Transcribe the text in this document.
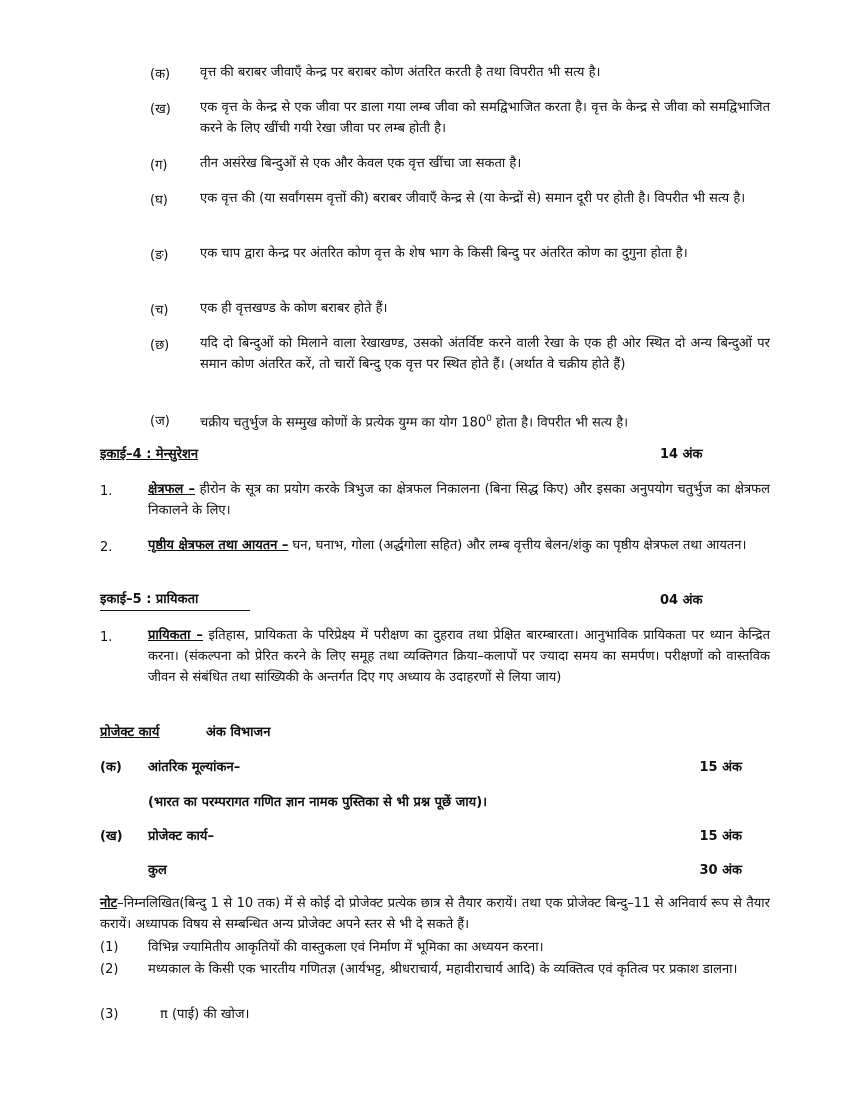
(क) वृत्त की बराबर जीवाएँ केन्द्र पर बराबर कोण अंतरित करती है तथा विपरीत भी सत्य है।
(ख) एक वृत्त के केन्द्र से एक जीवा पर डाला गया लम्ब जीवा को समद्विभाजित करता है। वृत्त के केन्द्र से जीवा को समद्विभाजित करने के लिए खींची गयी रेखा जीवा पर लम्ब होती है।
(ग)	तीन असंरेख बिन्दुओं से एक और केवल एक वृत्त खींचा जा सकता है।
(घ) एक वृत्त की (या सर्वांगसम वृत्तों की) बराबर जीवाएँ केन्द्र से (या केन्द्रों से) समान दूरी पर होती है। विपरीत भी सत्य है।
(ङ) एक चाप द्वारा केन्द्र पर अंतरित कोण वृत्त के शेष भाग के किसी बिन्दु पर अंतरित कोण का दुगुना होता है।
(च) एक ही वृत्तखण्ड के कोण बराबर होते हैं।
(छ) यदि दो बिन्दुओं को मिलाने वाला रेखाखण्ड, उसको अंतर्विष्ट करने वाली रेखा के एक ही ओर स्थित दो अन्य बिन्दुओं पर समान कोण अंतरित करें, तो चारों बिन्दु एक वृत्त पर स्थित होते हैं। (अर्थात वे चक्रीय होते हैं)
(ज) चक्रीय चतुर्भुज के सम्मुख कोणों के प्रत्येक युग्म का योग $180^0$ होता है। विपरीत भी सत्य है।
इकाई–4 : मेन्सुरेशन	14 अंक
1.	क्षेत्रफल – हीरोन के सूत्र का प्रयोग करके त्रिभुज का क्षेत्रफल निकालना (बिना सिद्ध किए) और इसका अनुपयोग चतुर्भुज का क्षेत्रफल निकालने के लिए।
2.	पृष्ठीय क्षेत्रफल तथा आयतन – घन, घनाभ, गोला (अर्द्धगोला सहित) और लम्ब वृत्तीय बेलन/शंकु का पृष्ठीय क्षेत्रफल तथा आयतन।
इकाई–5 : प्रायिकता	04 अंक
1.	प्रायिकता – इतिहास, प्रायिकता के परिप्रेक्ष्य में परीक्षण का दुहराव तथा प्रेक्षित बारम्बारता। आनुभाविक प्रायिकता पर ध्यान केन्द्रित करना। (संकल्पना को प्रेरित करने के लिए समूह तथा व्यक्तिगत क्रिया–कलापों पर ज्यादा समय का समर्पण। परीक्षणों को वास्तविक जीवन से संबंधित तथा सांख्यिकी के अन्तर्गत दिए गए अध्याय के उदाहरणों से लिया जाय)
प्रोजेक्ट कार्य	अंक विभाजन
(क) आंतरिक मूल्यांकन–	15 अंक
(भारत का परम्परागत गणित ज्ञान नामक पुस्तिका से भी प्रश्न पूछें जाय)।
(ख) प्रोजेक्ट कार्य–	15 अंक
कुल	30 अंक
नोट–निम्नलिखित(बिन्दु 1 से 10 तक) में से कोई दो प्रोजेक्ट प्रत्येक छात्र से तैयार करायें। तथा एक प्रोजेक्ट बिन्दु–11 से अनिवार्य रूप से तैयार करायें। अध्यापक विषय से सम्बन्धित अन्य प्रोजेक्ट अपने स्तर से भी दे सकते हैं।
(1) विभिन्न ज्यामितीय आकृतियों की वास्तुकला एवं निर्माण में भूमिका का अध्ययन करना।
(2) मध्यकाल के किसी एक भारतीय गणितज्ञ (आर्यभट्ट, श्रीधराचार्य, महावीराचार्य आदि) के व्यक्तित्व एवं कृतित्व पर प्रकाश डालना।
(3)	π (पाई) की खोज।
